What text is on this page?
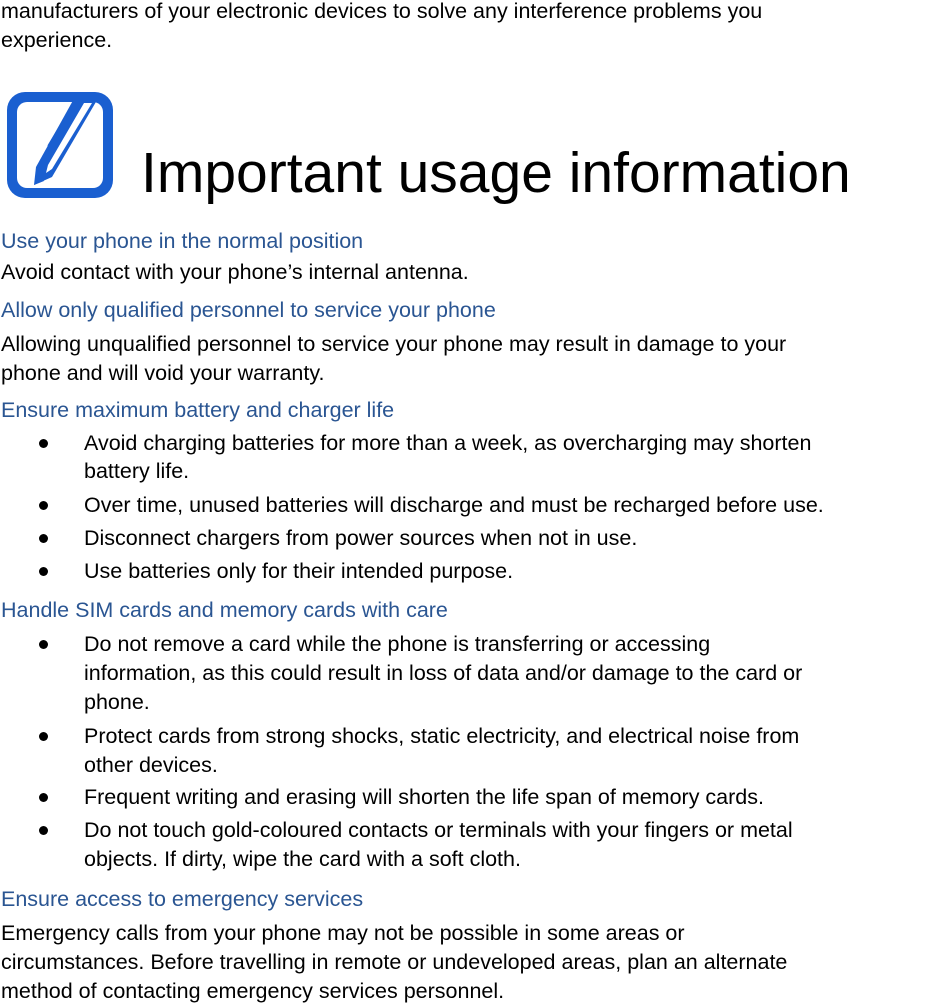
manufacturers of your electronic devices to solve any interference problems you

experience.

Important usage information

Use your phone in the normal position

Avoid contact with your phone’s internal antenna.

Allow only qualified personnel to service your phone

Allowing unqualified personnel to service your phone may result in damage to your

phone and will void your warranty.

Ensure maximum battery and charger life

Avoid charging batteries for more than a week, as overcharging may shorten
battery life.
Over time, unused batteries will discharge and must be recharged before use.
Disconnect chargers from power sources when not in use.
Use batteries only for their intended purpose.

Handle SIM cards and memory cards with care

Do not remove a card while the phone is transferring or accessing
information, as this could result in loss of data and/or damage to the card or
phone.
Protect cards from strong shocks, static electricity, and electrical noise from
other devices.
Frequent writing and erasing will shorten the life span of memory cards.
Do not touch gold-coloured contacts or terminals with your fingers or metal
objects. If dirty, wipe the card with a soft cloth.

Ensure access to emergency services

Emergency calls from your phone may not be possible in some areas or

circumstances. Before travelling in remote or undeveloped areas, plan an alternate

method of contacting emergency services personnel.
